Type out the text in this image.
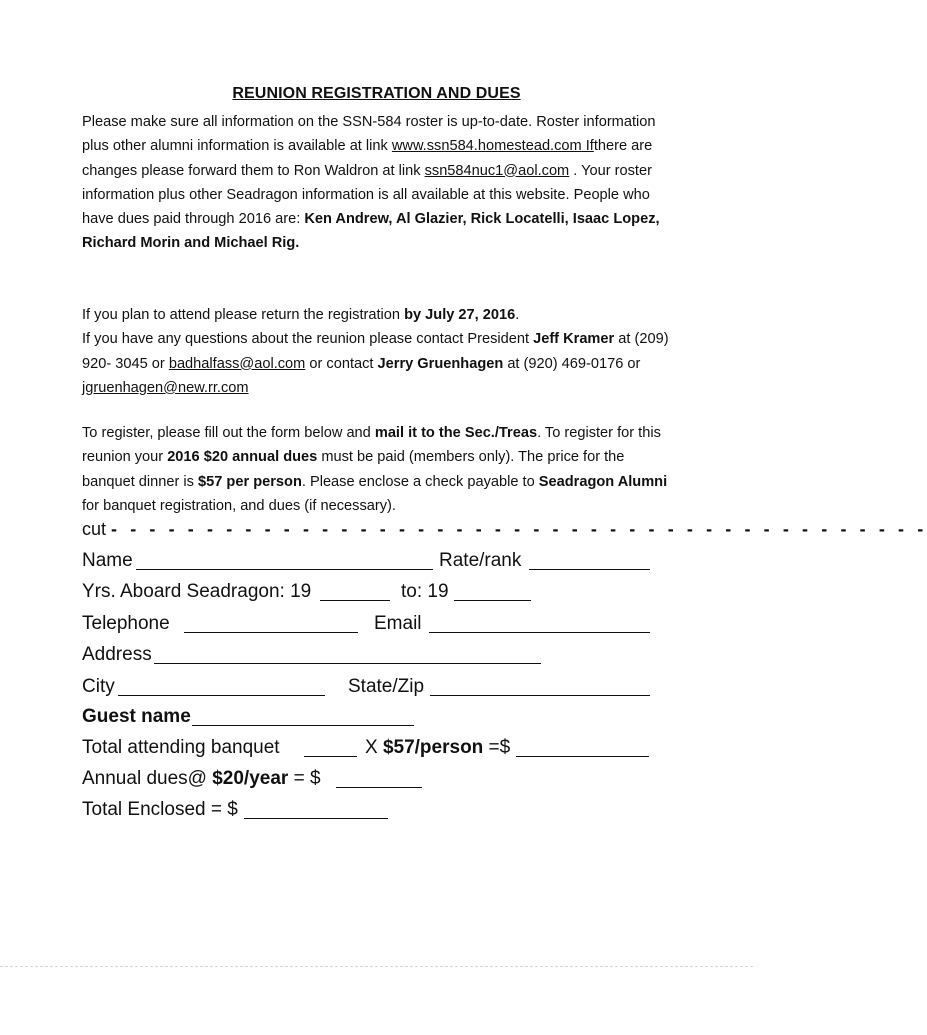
REUNION REGISTRATION AND DUES
Please make sure all information on the SSN-584 roster is up-to-date. Roster information plus other alumni information is available at link www.ssn584.homestead.com Ifthere are changes please forward them to Ron Waldron at link ssn584nuc1@aol.com . Your roster information plus other Seadragon information is all available at this website. People who have dues paid through 2016 are: Ken Andrew, Al Glazier, Rick Locatelli, Isaac Lopez, Richard Morin and Michael Rig.
If you plan to attend please return the registration by July 27, 2016.
If you have any questions about the reunion please contact President Jeff Kramer at (209) 920- 3045 or badhalfass@aol.com or contact Jerry Gruenhagen at (920) 469-0176 or jgruenhagen@new.rr.com
To register, please fill out the form below and mail it to the Sec./Treas. To register for this reunion your 2016 $20 annual dues must be paid (members only). The price for the banquet dinner is $57 per person. Please enclose a check payable to Seadragon Alumni for banquet registration, and dues (if necessary).
cut - - - - - - - - - - - - - - - - - - - - - - - - - - - - - - - - - - - - - - - - - - -
Name	Rate/rank
Yrs. Aboard Seadragon: 19	to: 19
Telephone	Email
Address
City	State/Zip
Guest name
Total attending banquet	X $57/person =$
Annual dues@ $20/year = $
Total Enclosed = $
